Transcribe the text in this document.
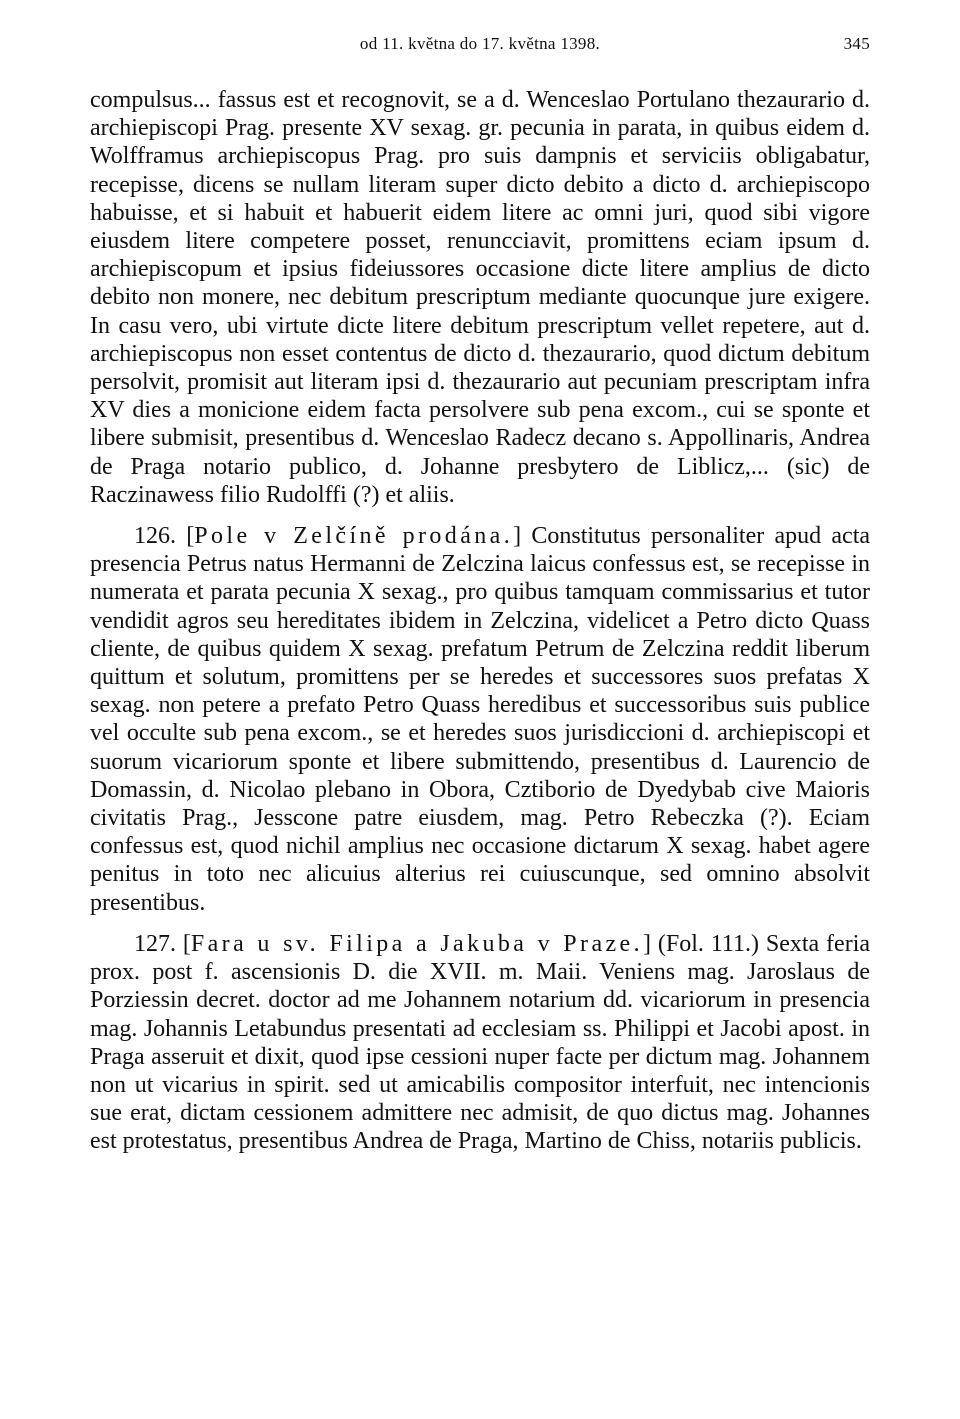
od 11. května do 17. května 1398.	345

compulsus... fassus est et recognovit, se a d. Wenceslao Portulano thezaurario d. archiepiscopi Prag. presente XV sexag. gr. pecunia in parata, in quibus eidem d. Wolfframus archiepiscopus Prag. pro suis dampnis et serviciis obligabatur, recepisse, dicens se nullam literam super dicto debito a dicto d. archiepiscopo habuisse, et si habuit et habuerit eidem litere ac omni juri, quod sibi vigore eiusdem litere competere posset, renuncciavit, promittens eciam ipsum d. archiepiscopum et ipsius fideiussores occasione dicte litere amplius de dicto debito non monere, nec debitum prescriptum mediante quocunque jure exigere. In casu vero, ubi virtute dicte litere debitum prescriptum vellet repetere, aut d. archiepiscopus non esset contentus de dicto d. thezaurario, quod dictum debitum persolvit, promisit aut literam ipsi d. thezaurario aut pecuniam prescriptam infra XV dies a monicione eidem facta persolvere sub pena excom., cui se sponte et libere submisit, presentibus d. Wenceslao Radecz decano s. Appollinaris, Andrea de Praga notario publico, d. Johanne presbytero de Liblicz,... (sic) de Raczinawess filio Rudolffi (?) et aliis.

126. [Pole v Zelčíně prodána.] Constitutus personaliter apud acta presencia Petrus natus Hermanni de Zelczina laicus confessus est, se recepisse in numerata et parata pecunia X sexag., pro quibus tamquam commissarius et tutor vendidit agros seu hereditates ibidem in Zelczina, videlicet a Petro dicto Quass cliente, de quibus quidem X sexag. prefatum Petrum de Zelczina reddit liberum quittum et solutum, promittens per se heredes et successores suos prefatas X sexag. non petere a prefato Petro Quass heredibus et successoribus suis publice vel occulte sub pena excom., se et heredes suos jurisdiccioni d. archiepiscopi et suorum vicariorum sponte et libere submittendo, presentibus d. Laurencio de Domassin, d. Nicolao plebano in Obora, Cztiborio de Dyedybab cive Maioris civitatis Prag., Jesscone patre eiusdem, mag. Petro Rebeczka (?). Eciam confessus est, quod nichil amplius nec occasione dictarum X sexag. habet agere penitus in toto nec alicuius alterius rei cuiuscunque, sed omnino absolvit presentibus.

127. [Fara u sv. Filipa a Jakuba v Praze.] (Fol. 111.) Sexta feria prox. post f. ascensionis D. die XVII. m. Maii. Veniens mag. Jaroslaus de Porziessin decret. doctor ad me Johannem notarium dd. vicariorum in presencia mag. Johannis Letabundus presentati ad ecclesiam ss. Philippi et Jacobi apost. in Praga asseruit et dixit, quod ipse cessioni nuper facte per dictum mag. Johannem non ut vicarius in spirit. sed ut amicabilis compositor interfuit, nec intencionis sue erat, dictam cessionem admittere nec admisit, de quo dictus mag. Johannes est protestatus, presentibus Andrea de Praga, Martino de Chiss, notariis publicis.
